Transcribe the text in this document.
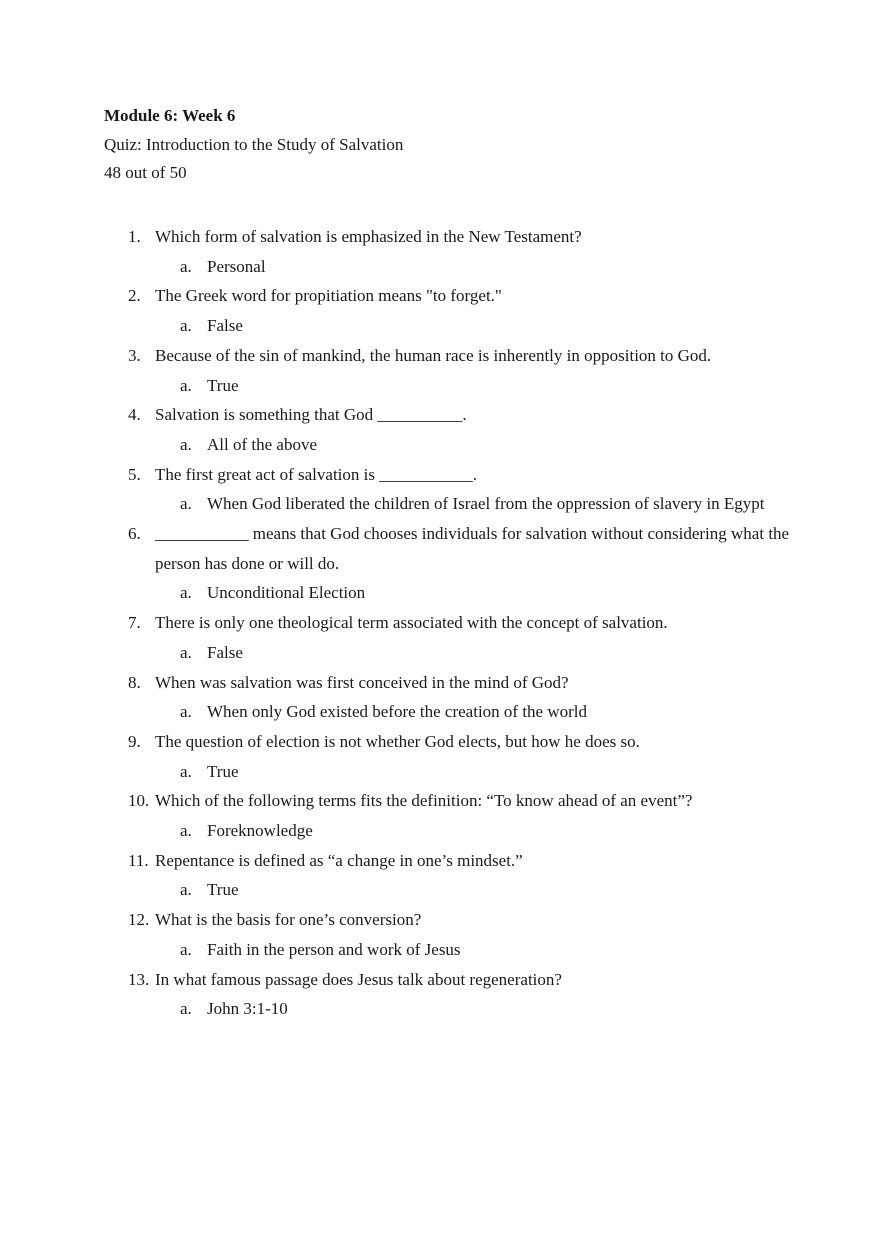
Module 6: Week 6
Quiz: Introduction to the Study of Salvation
48 out of 50
1. Which form of salvation is emphasized in the New Testament?
a. Personal
2. The Greek word for propitiation means "to forget."
a. False
3. Because of the sin of mankind, the human race is inherently in opposition to God.
a. True
4. Salvation is something that God __________.
a. All of the above
5. The first great act of salvation is ___________.
a. When God liberated the children of Israel from the oppression of slavery in Egypt
6. ___________ means that God chooses individuals for salvation without considering what the person has done or will do.
a. Unconditional Election
7. There is only one theological term associated with the concept of salvation.
a. False
8. When was salvation was first conceived in the mind of God?
a. When only God existed before the creation of the world
9. The question of election is not whether God elects, but how he does so.
a. True
10. Which of the following terms fits the definition: “To know ahead of an event”?
a. Foreknowledge
11. Repentance is defined as “a change in one’s mindset.”
a. True
12. What is the basis for one’s conversion?
a. Faith in the person and work of Jesus
13. In what famous passage does Jesus talk about regeneration?
a. John 3:1-10
